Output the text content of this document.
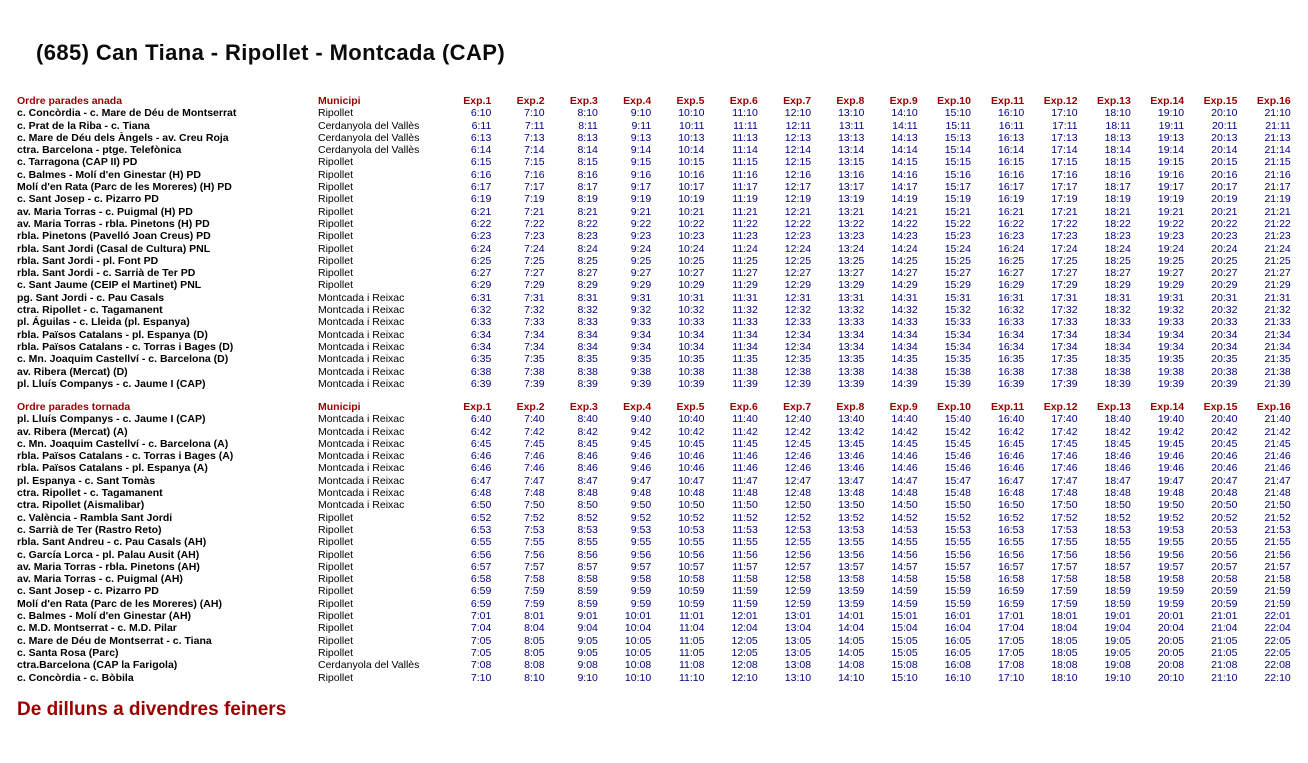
(685) Can Tiana - Ripollet - Montcada (CAP)
Ordre parades anada	Municipi	Exp.1	Exp.2	Exp.3	Exp.4	Exp.5	Exp.6	Exp.7	Exp.8	Exp.9	Exp.10	Exp.11	Exp.12	Exp.13	Exp.14	Exp.15	Exp.16
c. Concòrdia - c. Mare de Déu de Montserrat	Ripollet	6:10	7:10	8:10	9:10	10:10	11:10	12:10	13:10	14:10	15:10	16:10	17:10	18:10	19:10	20:10	21:10
c. Prat de la Riba - c. Tiana	Cerdanyola del Vallès	6:11	7:11	8:11	9:11	10:11	11:11	12:11	13:11	14:11	15:11	16:11	17:11	18:11	19:11	20:11	21:11
c. Mare de Déu dels Àngels - av. Creu Roja	Cerdanyola del Vallès	6:13	7:13	8:13	9:13	10:13	11:13	12:13	13:13	14:13	15:13	16:13	17:13	18:13	19:13	20:13	21:13
ctra. Barcelona - ptge. Telefònica	Cerdanyola del Vallès	6:14	7:14	8:14	9:14	10:14	11:14	12:14	13:14	14:14	15:14	16:14	17:14	18:14	19:14	20:14	21:14
c. Tarragona (CAP II) PD	Ripollet	6:15	7:15	8:15	9:15	10:15	11:15	12:15	13:15	14:15	15:15	16:15	17:15	18:15	19:15	20:15	21:15
c. Balmes - Molí d'en Ginestar (H) PD	Ripollet	6:16	7:16	8:16	9:16	10:16	11:16	12:16	13:16	14:16	15:16	16:16	17:16	18:16	19:16	20:16	21:16
Molí d'en Rata (Parc de les Moreres) (H) PD	Ripollet	6:17	7:17	8:17	9:17	10:17	11:17	12:17	13:17	14:17	15:17	16:17	17:17	18:17	19:17	20:17	21:17
c. Sant Josep - c. Pizarro PD	Ripollet	6:19	7:19	8:19	9:19	10:19	11:19	12:19	13:19	14:19	15:19	16:19	17:19	18:19	19:19	20:19	21:19
av. Maria Torras - c. Puigmal (H) PD	Ripollet	6:21	7:21	8:21	9:21	10:21	11:21	12:21	13:21	14:21	15:21	16:21	17:21	18:21	19:21	20:21	21:21
av. Maria Torras - rbla. Pinetons (H) PD	Ripollet	6:22	7:22	8:22	9:22	10:22	11:22	12:22	13:22	14:22	15:22	16:22	17:22	18:22	19:22	20:22	21:22
rbla. Pinetons (Pavelló Joan Creus) PD	Ripollet	6:23	7:23	8:23	9:23	10:23	11:23	12:23	13:23	14:23	15:23	16:23	17:23	18:23	19:23	20:23	21:23
rbla. Sant Jordi (Casal de Cultura) PNL	Ripollet	6:24	7:24	8:24	9:24	10:24	11:24	12:24	13:24	14:24	15:24	16:24	17:24	18:24	19:24	20:24	21:24
rbla. Sant Jordi - pl. Font PD	Ripollet	6:25	7:25	8:25	9:25	10:25	11:25	12:25	13:25	14:25	15:25	16:25	17:25	18:25	19:25	20:25	21:25
rbla. Sant Jordi - c. Sarrià de Ter PD	Ripollet	6:27	7:27	8:27	9:27	10:27	11:27	12:27	13:27	14:27	15:27	16:27	17:27	18:27	19:27	20:27	21:27
c. Sant Jaume (CEIP el Martinet) PNL	Ripollet	6:29	7:29	8:29	9:29	10:29	11:29	12:29	13:29	14:29	15:29	16:29	17:29	18:29	19:29	20:29	21:29
pg. Sant Jordi - c. Pau Casals	Montcada i Reixac	6:31	7:31	8:31	9:31	10:31	11:31	12:31	13:31	14:31	15:31	16:31	17:31	18:31	19:31	20:31	21:31
ctra. Ripollet - c. Tagamanent	Montcada i Reixac	6:32	7:32	8:32	9:32	10:32	11:32	12:32	13:32	14:32	15:32	16:32	17:32	18:32	19:32	20:32	21:32
pl. Águilas - c. Lleida (pl. Espanya)	Montcada i Reixac	6:33	7:33	8:33	9:33	10:33	11:33	12:33	13:33	14:33	15:33	16:33	17:33	18:33	19:33	20:33	21:33
rbla. Països Catalans - pl. Espanya (D)	Montcada i Reixac	6:34	7:34	8:34	9:34	10:34	11:34	12:34	13:34	14:34	15:34	16:34	17:34	18:34	19:34	20:34	21:34
rbla. Països Catalans - c. Torras i Bages (D)	Montcada i Reixac	6:34	7:34	8:34	9:34	10:34	11:34	12:34	13:34	14:34	15:34	16:34	17:34	18:34	19:34	20:34	21:34
c. Mn. Joaquim Castellví - c. Barcelona (D)	Montcada i Reixac	6:35	7:35	8:35	9:35	10:35	11:35	12:35	13:35	14:35	15:35	16:35	17:35	18:35	19:35	20:35	21:35
av. Ribera (Mercat) (D)	Montcada i Reixac	6:38	7:38	8:38	9:38	10:38	11:38	12:38	13:38	14:38	15:38	16:38	17:38	18:38	19:38	20:38	21:38
pl. Lluís Companys - c. Jaume I (CAP)	Montcada i Reixac	6:39	7:39	8:39	9:39	10:39	11:39	12:39	13:39	14:39	15:39	16:39	17:39	18:39	19:39	20:39	21:39
Ordre parades tornada	Municipi	Exp.1	Exp.2	Exp.3	Exp.4	Exp.5	Exp.6	Exp.7	Exp.8	Exp.9	Exp.10	Exp.11	Exp.12	Exp.13	Exp.14	Exp.15	Exp.16
pl. Lluís Companys - c. Jaume I (CAP)	Montcada i Reixac	6:40	7:40	8:40	9:40	10:40	11:40	12:40	13:40	14:40	15:40	16:40	17:40	18:40	19:40	20:40	21:40
av. Ribera (Mercat) (A)	Montcada i Reixac	6:42	7:42	8:42	9:42	10:42	11:42	12:42	13:42	14:42	15:42	16:42	17:42	18:42	19:42	20:42	21:42
c. Mn. Joaquim Castellví - c. Barcelona (A)	Montcada i Reixac	6:45	7:45	8:45	9:45	10:45	11:45	12:45	13:45	14:45	15:45	16:45	17:45	18:45	19:45	20:45	21:45
rbla. Països Catalans - c. Torras i Bages (A)	Montcada i Reixac	6:46	7:46	8:46	9:46	10:46	11:46	12:46	13:46	14:46	15:46	16:46	17:46	18:46	19:46	20:46	21:46
rbla. Països Catalans - pl. Espanya (A)	Montcada i Reixac	6:46	7:46	8:46	9:46	10:46	11:46	12:46	13:46	14:46	15:46	16:46	17:46	18:46	19:46	20:46	21:46
pl. Espanya - c. Sant Tomàs	Montcada i Reixac	6:47	7:47	8:47	9:47	10:47	11:47	12:47	13:47	14:47	15:47	16:47	17:47	18:47	19:47	20:47	21:47
ctra. Ripollet - c. Tagamanent	Montcada i Reixac	6:48	7:48	8:48	9:48	10:48	11:48	12:48	13:48	14:48	15:48	16:48	17:48	18:48	19:48	20:48	21:48
ctra. Ripollet (Aismalibar)	Montcada i Reixac	6:50	7:50	8:50	9:50	10:50	11:50	12:50	13:50	14:50	15:50	16:50	17:50	18:50	19:50	20:50	21:50
c. València - Rambla Sant Jordi	Ripollet	6:52	7:52	8:52	9:52	10:52	11:52	12:52	13:52	14:52	15:52	16:52	17:52	18:52	19:52	20:52	21:52
c. Sarrià de Ter (Rastro Reto)	Ripollet	6:53	7:53	8:53	9:53	10:53	11:53	12:53	13:53	14:53	15:53	16:53	17:53	18:53	19:53	20:53	21:53
rbla. Sant Andreu - c. Pau Casals (AH)	Ripollet	6:55	7:55	8:55	9:55	10:55	11:55	12:55	13:55	14:55	15:55	16:55	17:55	18:55	19:55	20:55	21:55
c. García Lorca - pl. Palau Ausit (AH)	Ripollet	6:56	7:56	8:56	9:56	10:56	11:56	12:56	13:56	14:56	15:56	16:56	17:56	18:56	19:56	20:56	21:56
av. Maria Torras - rbla. Pinetons (AH)	Ripollet	6:57	7:57	8:57	9:57	10:57	11:57	12:57	13:57	14:57	15:57	16:57	17:57	18:57	19:57	20:57	21:57
av. Maria Torras - c. Puigmal (AH)	Ripollet	6:58	7:58	8:58	9:58	10:58	11:58	12:58	13:58	14:58	15:58	16:58	17:58	18:58	19:58	20:58	21:58
c. Sant Josep - c. Pizarro PD	Ripollet	6:59	7:59	8:59	9:59	10:59	11:59	12:59	13:59	14:59	15:59	16:59	17:59	18:59	19:59	20:59	21:59
Molí d'en Rata (Parc de les Moreres) (AH)	Ripollet	6:59	7:59	8:59	9:59	10:59	11:59	12:59	13:59	14:59	15:59	16:59	17:59	18:59	19:59	20:59	21:59
c. Balmes - Molí d'en Ginestar (AH)	Ripollet	7:01	8:01	9:01	10:01	11:01	12:01	13:01	14:01	15:01	16:01	17:01	18:01	19:01	20:01	21:01	22:01
c. M.D. Montserrat - c. M.D. Pilar	Ripollet	7:04	8:04	9:04	10:04	11:04	12:04	13:04	14:04	15:04	16:04	17:04	18:04	19:04	20:04	21:04	22:04
c. Mare de Déu de Montserrat - c. Tiana	Ripollet	7:05	8:05	9:05	10:05	11:05	12:05	13:05	14:05	15:05	16:05	17:05	18:05	19:05	20:05	21:05	22:05
c. Santa Rosa (Parc)	Ripollet	7:05	8:05	9:05	10:05	11:05	12:05	13:05	14:05	15:05	16:05	17:05	18:05	19:05	20:05	21:05	22:05
ctra.Barcelona (CAP la Farigola)	Cerdanyola del Vallès	7:08	8:08	9:08	10:08	11:08	12:08	13:08	14:08	15:08	16:08	17:08	18:08	19:08	20:08	21:08	22:08
c. Concòrdia - c. Bòbila	Ripollet	7:10	8:10	9:10	10:10	11:10	12:10	13:10	14:10	15:10	16:10	17:10	18:10	19:10	20:10	21:10	22:10
De dilluns a divendres feiners
